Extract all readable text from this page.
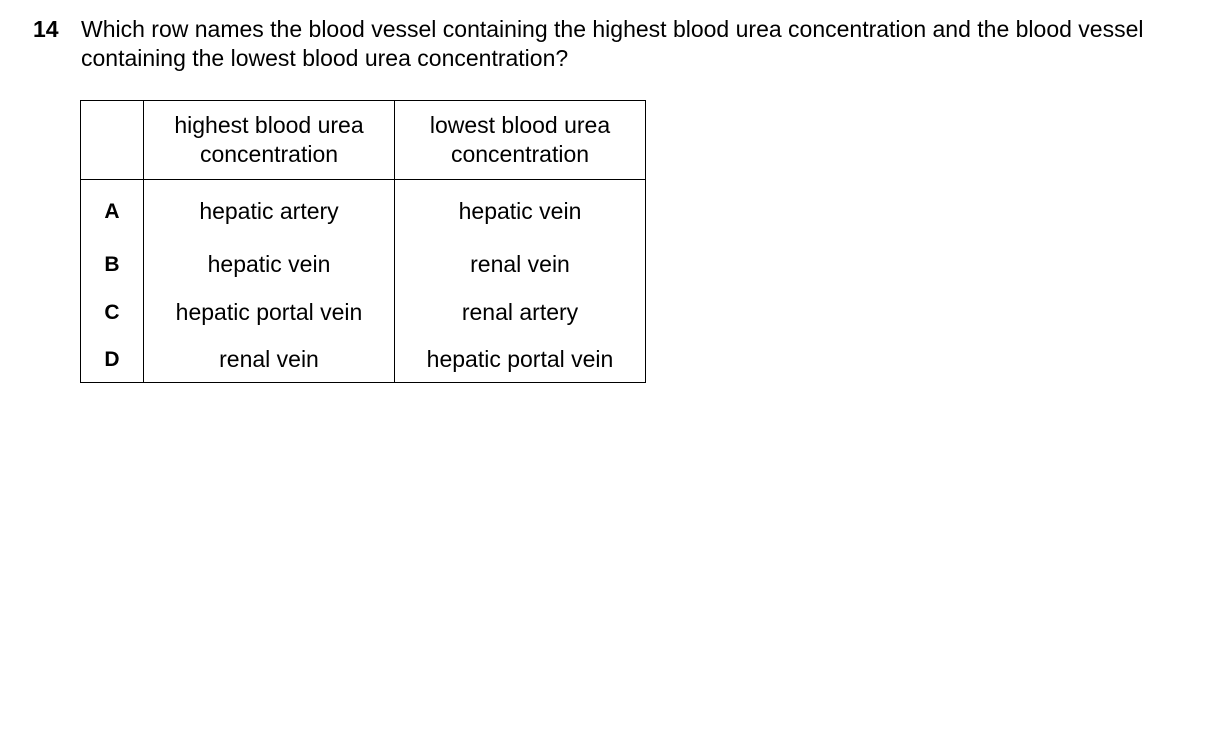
14 Which row names the blood vessel containing the highest blood urea concentration and the blood vessel containing the lowest blood urea concentration?
	highest blood urea concentration	lowest blood urea concentration
A	hepatic artery	hepatic vein
B	hepatic vein	renal vein
C	hepatic portal vein	renal artery
D	renal vein	hepatic portal vein
